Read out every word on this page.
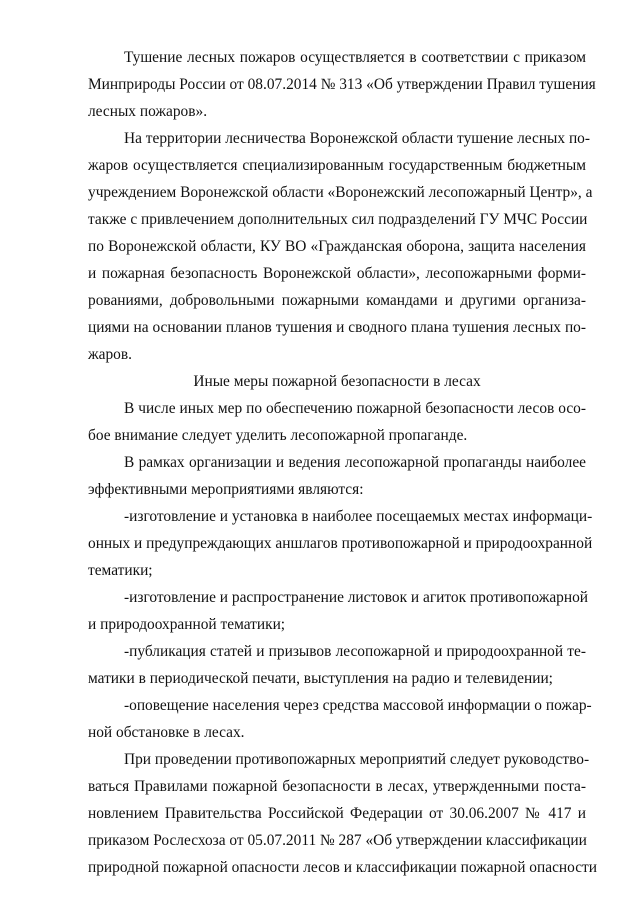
Тушение лесных пожаров осуществляется в соответствии с приказом
Минприроды России от 08.07.2014 № 313 «Об утверждении Правил тушения
лесных пожаров».
На территории лесничества Воронежской области тушение лесных по-
жаров осуществляется специализированным государственным бюджетным
учреждением Воронежской области «Воронежский лесопожарный Центр», а
также с привлечением дополнительных сил подразделений ГУ МЧС России
по Воронежской области, КУ ВО «Гражданская оборона, защита населения
и пожарная безопасность Воронежской области», лесопожарными форми-
рованиями, добровольными пожарными командами и другими организа-
циями на основании планов тушения и сводного плана тушения лесных по-
жаров.
Иные меры пожарной безопасности в лесах
В числе иных мер по обеспечению пожарной безопасности лесов осо-
бое внимание следует уделить лесопожарной пропаганде.
В рамках организации и ведения лесопожарной пропаганды наиболее
эффективными мероприятиями являются:
-изготовление и установка в наиболее посещаемых местах информаци-
онных и предупреждающих аншлагов противопожарной и природоохранной
тематики;
-изготовление и распространение листовок и агиток противопожарной
и природоохранной тематики;
-публикация статей и призывов лесопожарной и природоохранной те-
матики в периодической печати, выступления на радио и телевидении;
-оповещение населения через средства массовой информации о пожар-
ной обстановке в лесах.
При проведении противопожарных мероприятий следует руководство-
ваться Правилами пожарной безопасности в лесах, утвержденными поста-
новлением Правительства Российской Федерации от 30.06.2007 № 417 и
приказом Рослесхоза от 05.07.2011 № 287 «Об утверждении классификации
природной пожарной опасности лесов и классификации пожарной опасности
